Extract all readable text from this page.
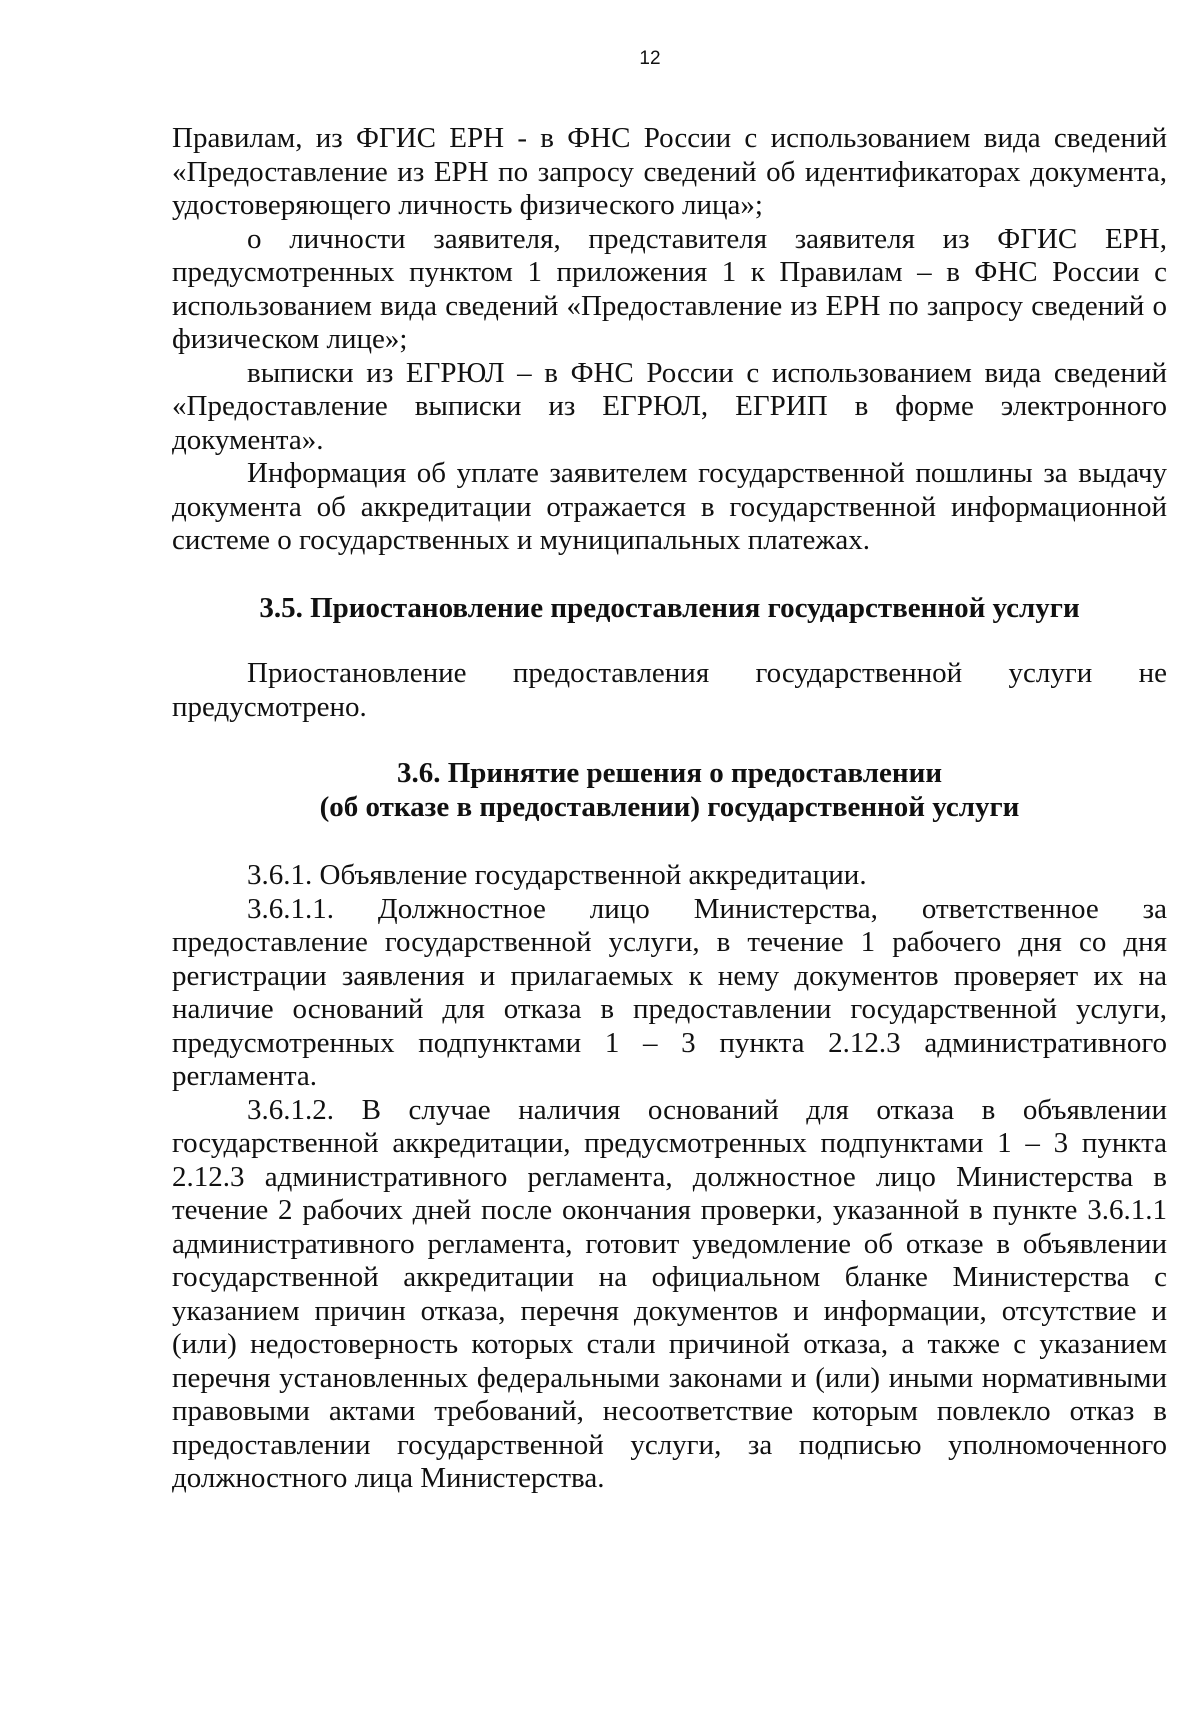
12

Правилам, из ФГИС ЕРН - в ФНС России с использованием вида сведений «Предоставление из ЕРН по запросу сведений об идентификаторах документа, удостоверяющего личность физического лица»;

о личности заявителя, представителя заявителя из ФГИС ЕРН, предусмотренных пунктом 1 приложения 1 к Правилам – в ФНС России с использованием вида сведений «Предоставление из ЕРН по запросу сведений о физическом лице»;

выписки из ЕГРЮЛ – в ФНС России с использованием вида сведений «Предоставление выписки из ЕГРЮЛ, ЕГРИП в форме электронного документа».

Информация об уплате заявителем государственной пошлины за выдачу документа об аккредитации отражается в государственной информационной системе о государственных и муниципальных платежах.

3.5. Приостановление предоставления государственной услуги

Приостановление предоставления государственной услуги не предусмотрено.

3.6. Принятие решения о предоставлении
(об отказе в предоставлении) государственной услуги

3.6.1. Объявление государственной аккредитации.

3.6.1.1. Должностное лицо Министерства, ответственное за предоставление государственной услуги, в течение 1 рабочего дня со дня регистрации заявления и прилагаемых к нему документов проверяет их на наличие оснований для отказа в предоставлении государственной услуги, предусмотренных подпунктами 1 – 3 пункта 2.12.3 административного регламента.

3.6.1.2. В случае наличия оснований для отказа в объявлении государственной аккредитации, предусмотренных подпунктами 1 – 3 пункта 2.12.3 административного регламента, должностное лицо Министерства в течение 2 рабочих дней после окончания проверки, указанной в пункте 3.6.1.1 административного регламента, готовит уведомление об отказе в объявлении государственной аккредитации на официальном бланке Министерства с указанием причин отказа, перечня документов и информации, отсутствие и (или) недостоверность которых стали причиной отказа, а также с указанием перечня установленных федеральными законами и (или) иными нормативными правовыми актами требований, несоответствие которым повлекло отказ в предоставлении государственной услуги, за подписью уполномоченного должностного лица Министерства.
